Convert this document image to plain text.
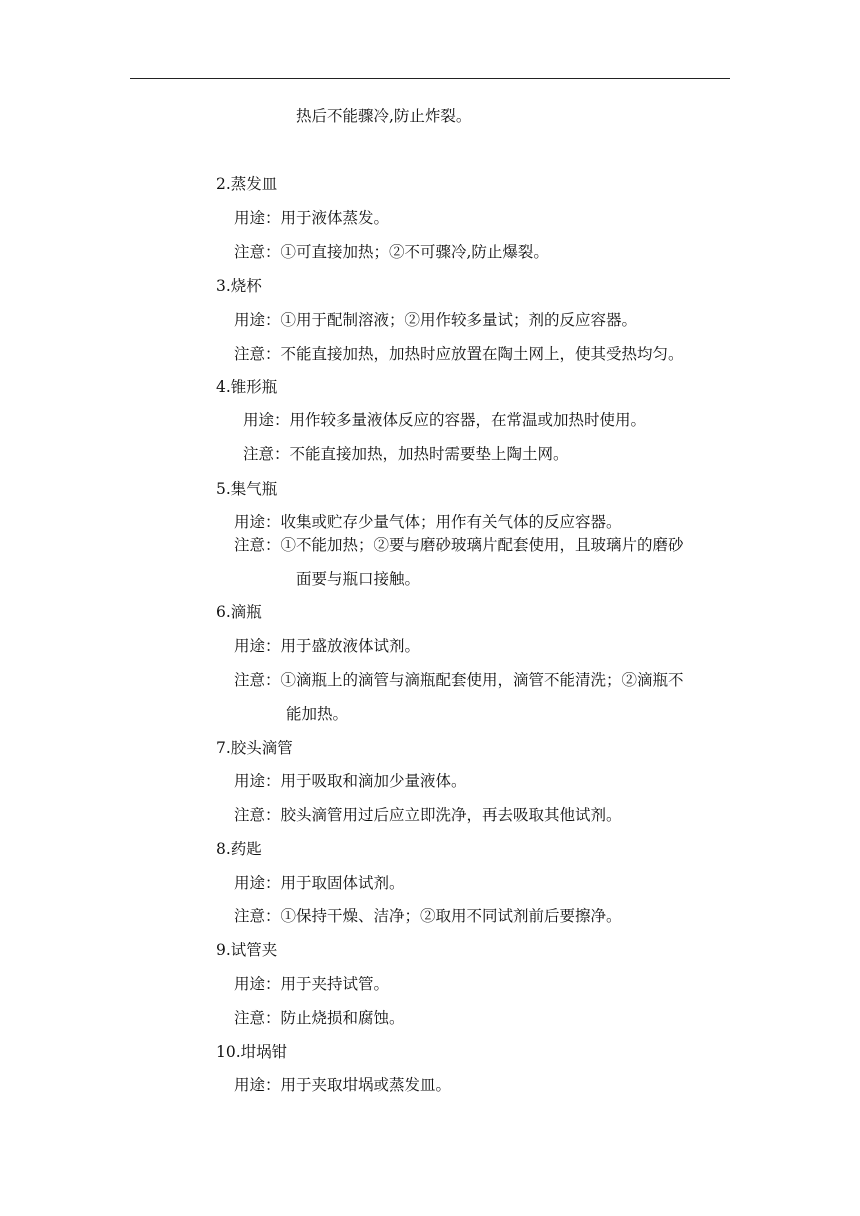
热后不能骤冷,防止炸裂。
2.蒸发皿
用途：用于液体蒸发。
注意：①可直接加热；②不可骤冷,防止爆裂。
3.烧杯
用途：①用于配制溶液；②用作较多量试；剂的反应容器。
注意：不能直接加热，加热时应放置在陶土网上，使其受热均匀。
4.锥形瓶
用途：用作较多量液体反应的容器，在常温或加热时使用。
注意：不能直接加热，加热时需要垫上陶土网。
5.集气瓶
用途：收集或贮存少量气体；用作有关气体的反应容器。
注意：①不能加热；②要与磨砂玻璃片配套使用，且玻璃片的磨砂
面要与瓶口接触。
6.滴瓶
用途：用于盛放液体试剂。
注意：①滴瓶上的滴管与滴瓶配套使用，滴管不能清洗；②滴瓶不
能加热。
7.胶头滴管
用途：用于吸取和滴加少量液体。
注意：胶头滴管用过后应立即洗净，再去吸取其他试剂。
8.药匙
用途：用于取固体试剂。
注意：①保持干燥、洁净；②取用不同试剂前后要擦净。
9.试管夹
用途：用于夹持试管。
注意：防止烧损和腐蚀。
10.坩埚钳
用途：用于夹取坩埚或蒸发皿。
